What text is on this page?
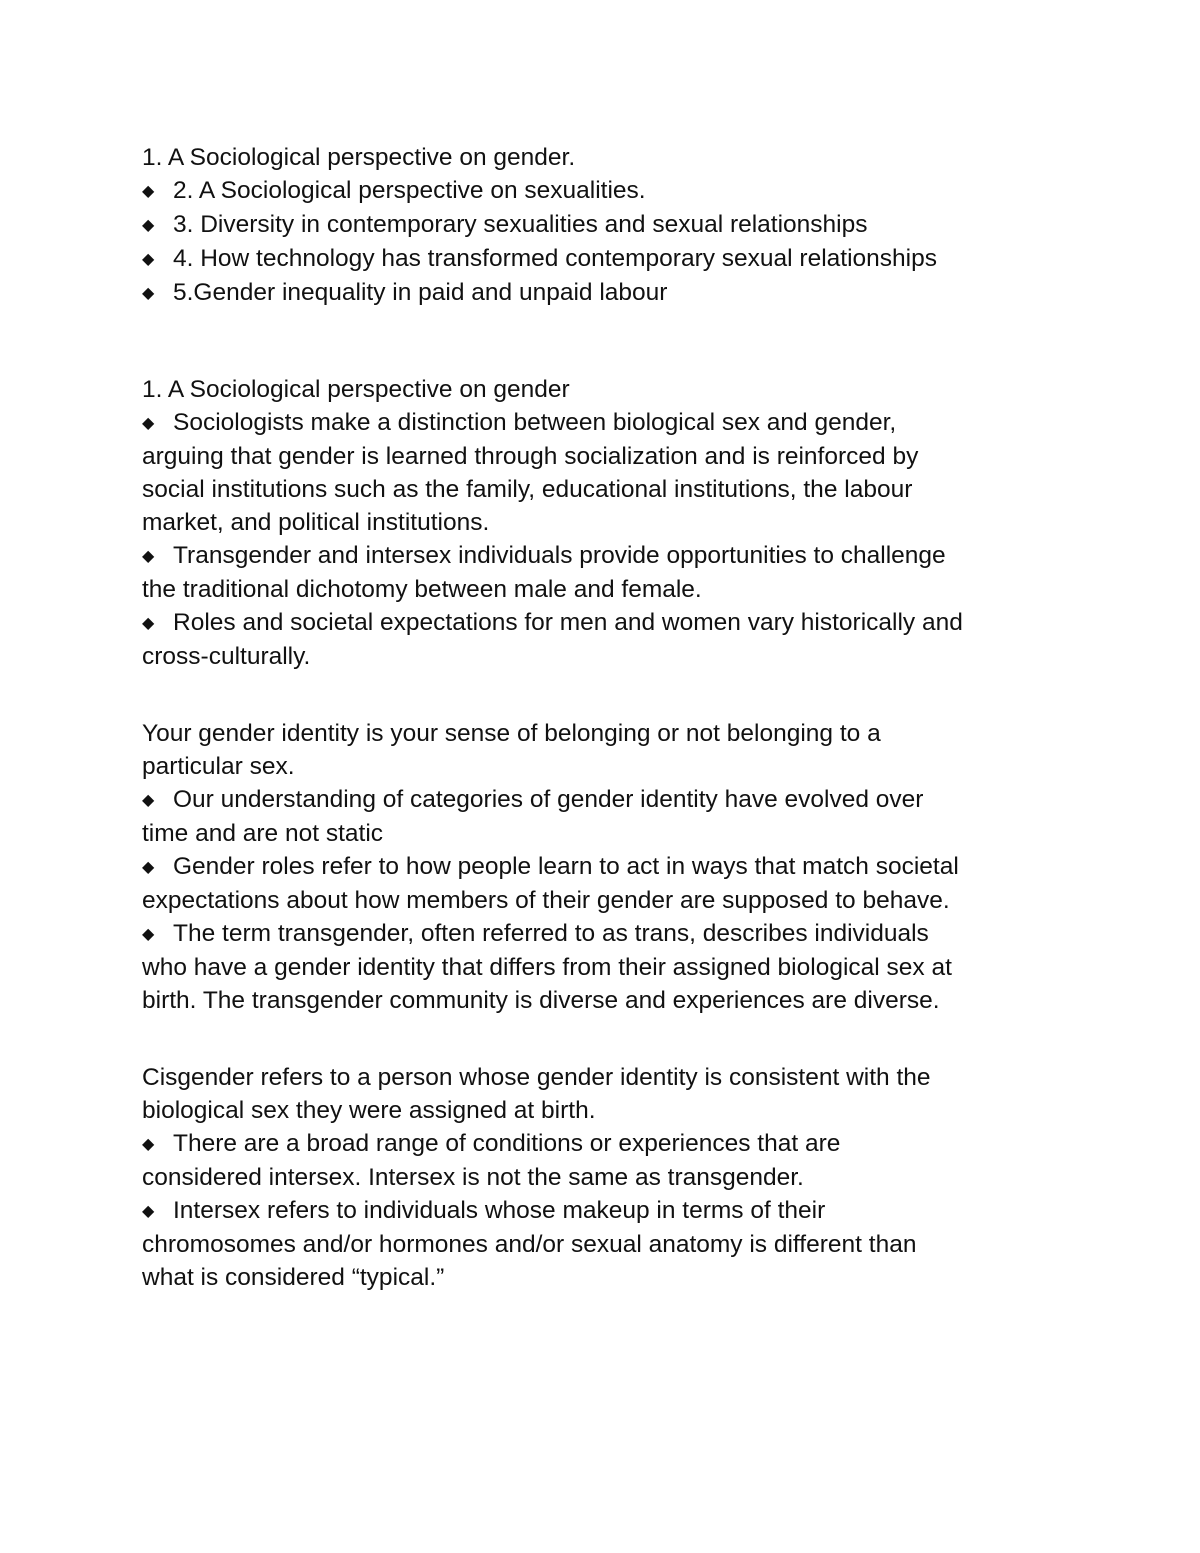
1. A Sociological perspective on gender.
◆ 2. A Sociological perspective on sexualities.
◆ 3. Diversity in contemporary sexualities and sexual relationships
◆ 4. How technology has transformed contemporary sexual relationships
◆ 5.Gender inequality in paid and unpaid labour
1. A Sociological perspective on gender
◆ Sociologists make a distinction between biological sex and gender,
arguing that gender is learned through socialization and is reinforced by
social institutions such as the family, educational institutions, the labour
market, and political institutions.
◆ Transgender and intersex individuals provide opportunities to challenge
the traditional dichotomy between male and female.
◆ Roles and societal expectations for men and women vary historically and
cross-culturally.
Your gender identity is your sense of belonging or not belonging to a
particular sex.
◆ Our understanding of categories of gender identity have evolved over
time and are not static
◆ Gender roles refer to how people learn to act in ways that match societal
expectations about how members of their gender are supposed to behave.
◆ The term transgender, often referred to as trans, describes individuals
who have a gender identity that differs from their assigned biological sex at
birth. The transgender community is diverse and experiences are diverse.
Cisgender refers to a person whose gender identity is consistent with the
biological sex they were assigned at birth.
◆ There are a broad range of conditions or experiences that are
considered intersex. Intersex is not the same as transgender.
◆ Intersex refers to individuals whose makeup in terms of their
chromosomes and/or hormones and/or sexual anatomy is different than
what is considered “typical.”
